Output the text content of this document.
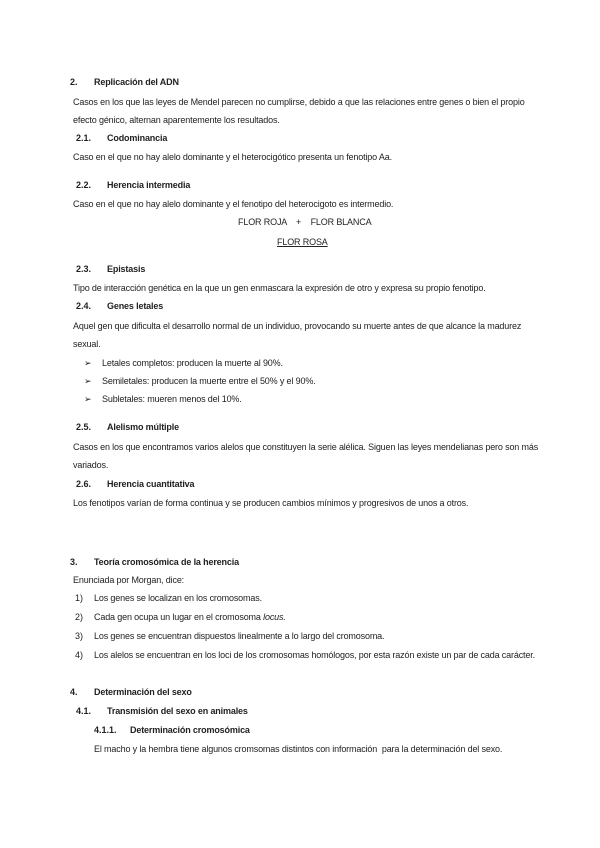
2. Replicación del ADN
Casos en los que las leyes de Mendel parecen no cumplirse, debido a que las relaciones entre genes o bien el propio
efecto génico, alternan aparentemente los resultados.
2.1. Codominancia
Caso en el que no hay alelo dominante y el heterocigótico presenta un fenotipo Aa.
2.2. Herencia intermedia
Caso en el que no hay alelo dominante y el fenotipo del heterocigoto es intermedio.
FLOR ROJA    +    FLOR BLANCA
FLOR ROSA
2.3. Epistasis
Tipo de interacción genética en la que un gen enmascara la expresión de otro y expresa su propio fenotipo.
2.4. Genes letales
Aquel gen que dificulta el desarrollo normal de un individuo, provocando su muerte antes de que alcance la madurez
sexual.
➢ Letales completos: producen la muerte al 90%.
➢ Semiletales: producen la muerte entre el 50% y el 90%.
➢ Subletales: mueren menos del 10%.
2.5. Alelismo múltiple
Casos en los que encontramos varios alelos que constituyen la serie alélica. Siguen las leyes mendelianas pero son más
variados.
2.6. Herencia cuantitativa
Los fenotipos varían de forma continua y se producen cambios mínimos y progresivos de unos a otros.
3. Teoría cromosómica de la herencia
Enunciada por Morgan, dice:
1) Los genes se localizan en los cromosomas.
2) Cada gen ocupa un lugar en el cromosoma locus.
3) Los genes se encuentran dispuestos linealmente a lo largo del cromosoma.
4) Los alelos se encuentran en los loci de los cromosomas homólogos, por esta razón existe un par de cada carácter.
4. Determinación del sexo
4.1. Transmisión del sexo en animales
4.1.1. Determinación cromosómica
El macho y la hembra tiene algunos cromsomas distintos con información  para la determinación del sexo.
